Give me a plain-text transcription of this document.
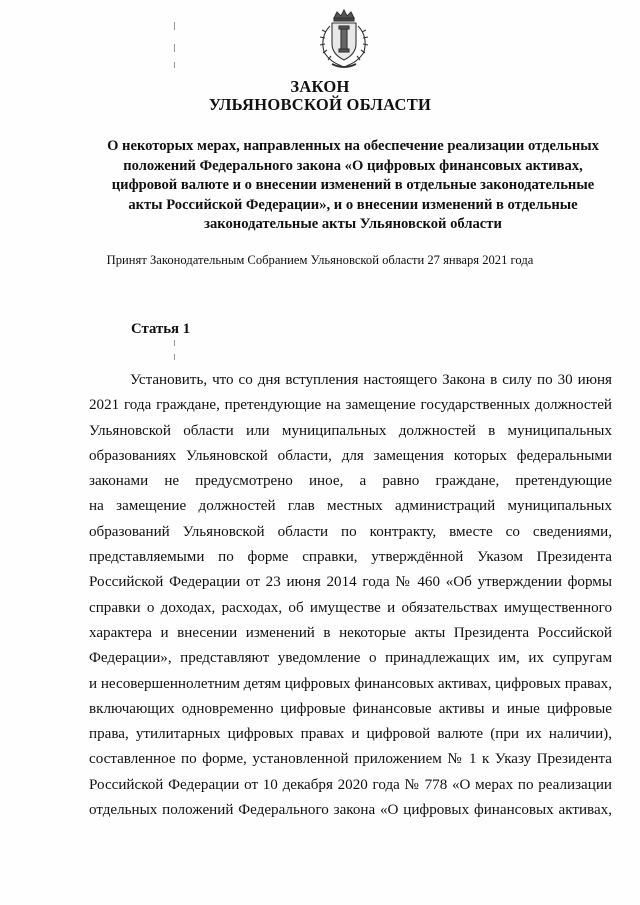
ЗАКОН
УЛЬЯНОВСКОЙ ОБЛАСТИ
О некоторых мерах, направленных на обеспечение реализации отдельных
положений Федерального закона «О цифровых финансовых активах,
цифровой валюте и о внесении изменений в отдельные законодательные
акты Российской Федерации», и о внесении изменений в отдельные
законодательные акты Ульяновской области
Принят Законодательным Собранием Ульяновской области 27 января 2021 года
Статья 1
Установить, что со дня вступления настоящего Закона в силу по 30 июня
2021 года граждане, претендующие на замещение государственных должностей
Ульяновской области или муниципальных должностей в муниципальных
образованиях Ульяновской области, для замещения которых федеральными
законами не предусмотрено иное, а равно граждане, претендующие
на замещение должностей глав местных администраций муниципальных
образований Ульяновской области по контракту, вместе со сведениями,
представляемыми по форме справки, утверждённой Указом Президента
Российской Федерации от 23 июня 2014 года № 460 «Об утверждении формы
справки о доходах, расходах, об имуществе и обязательствах имущественного
характера и внесении изменений в некоторые акты Президента Российской
Федерации», представляют уведомление о принадлежащих им, их супругам
и несовершеннолетним детям цифровых финансовых активах, цифровых правах,
включающих одновременно цифровые финансовые активы и иные цифровые
права, утилитарных цифровых правах и цифровой валюте (при их наличии),
составленное по форме, установленной приложением № 1 к Указу Президента
Российской Федерации от 10 декабря 2020 года № 778 «О мерах по реализации
отдельных положений Федерального закона «О цифровых финансовых активах,
